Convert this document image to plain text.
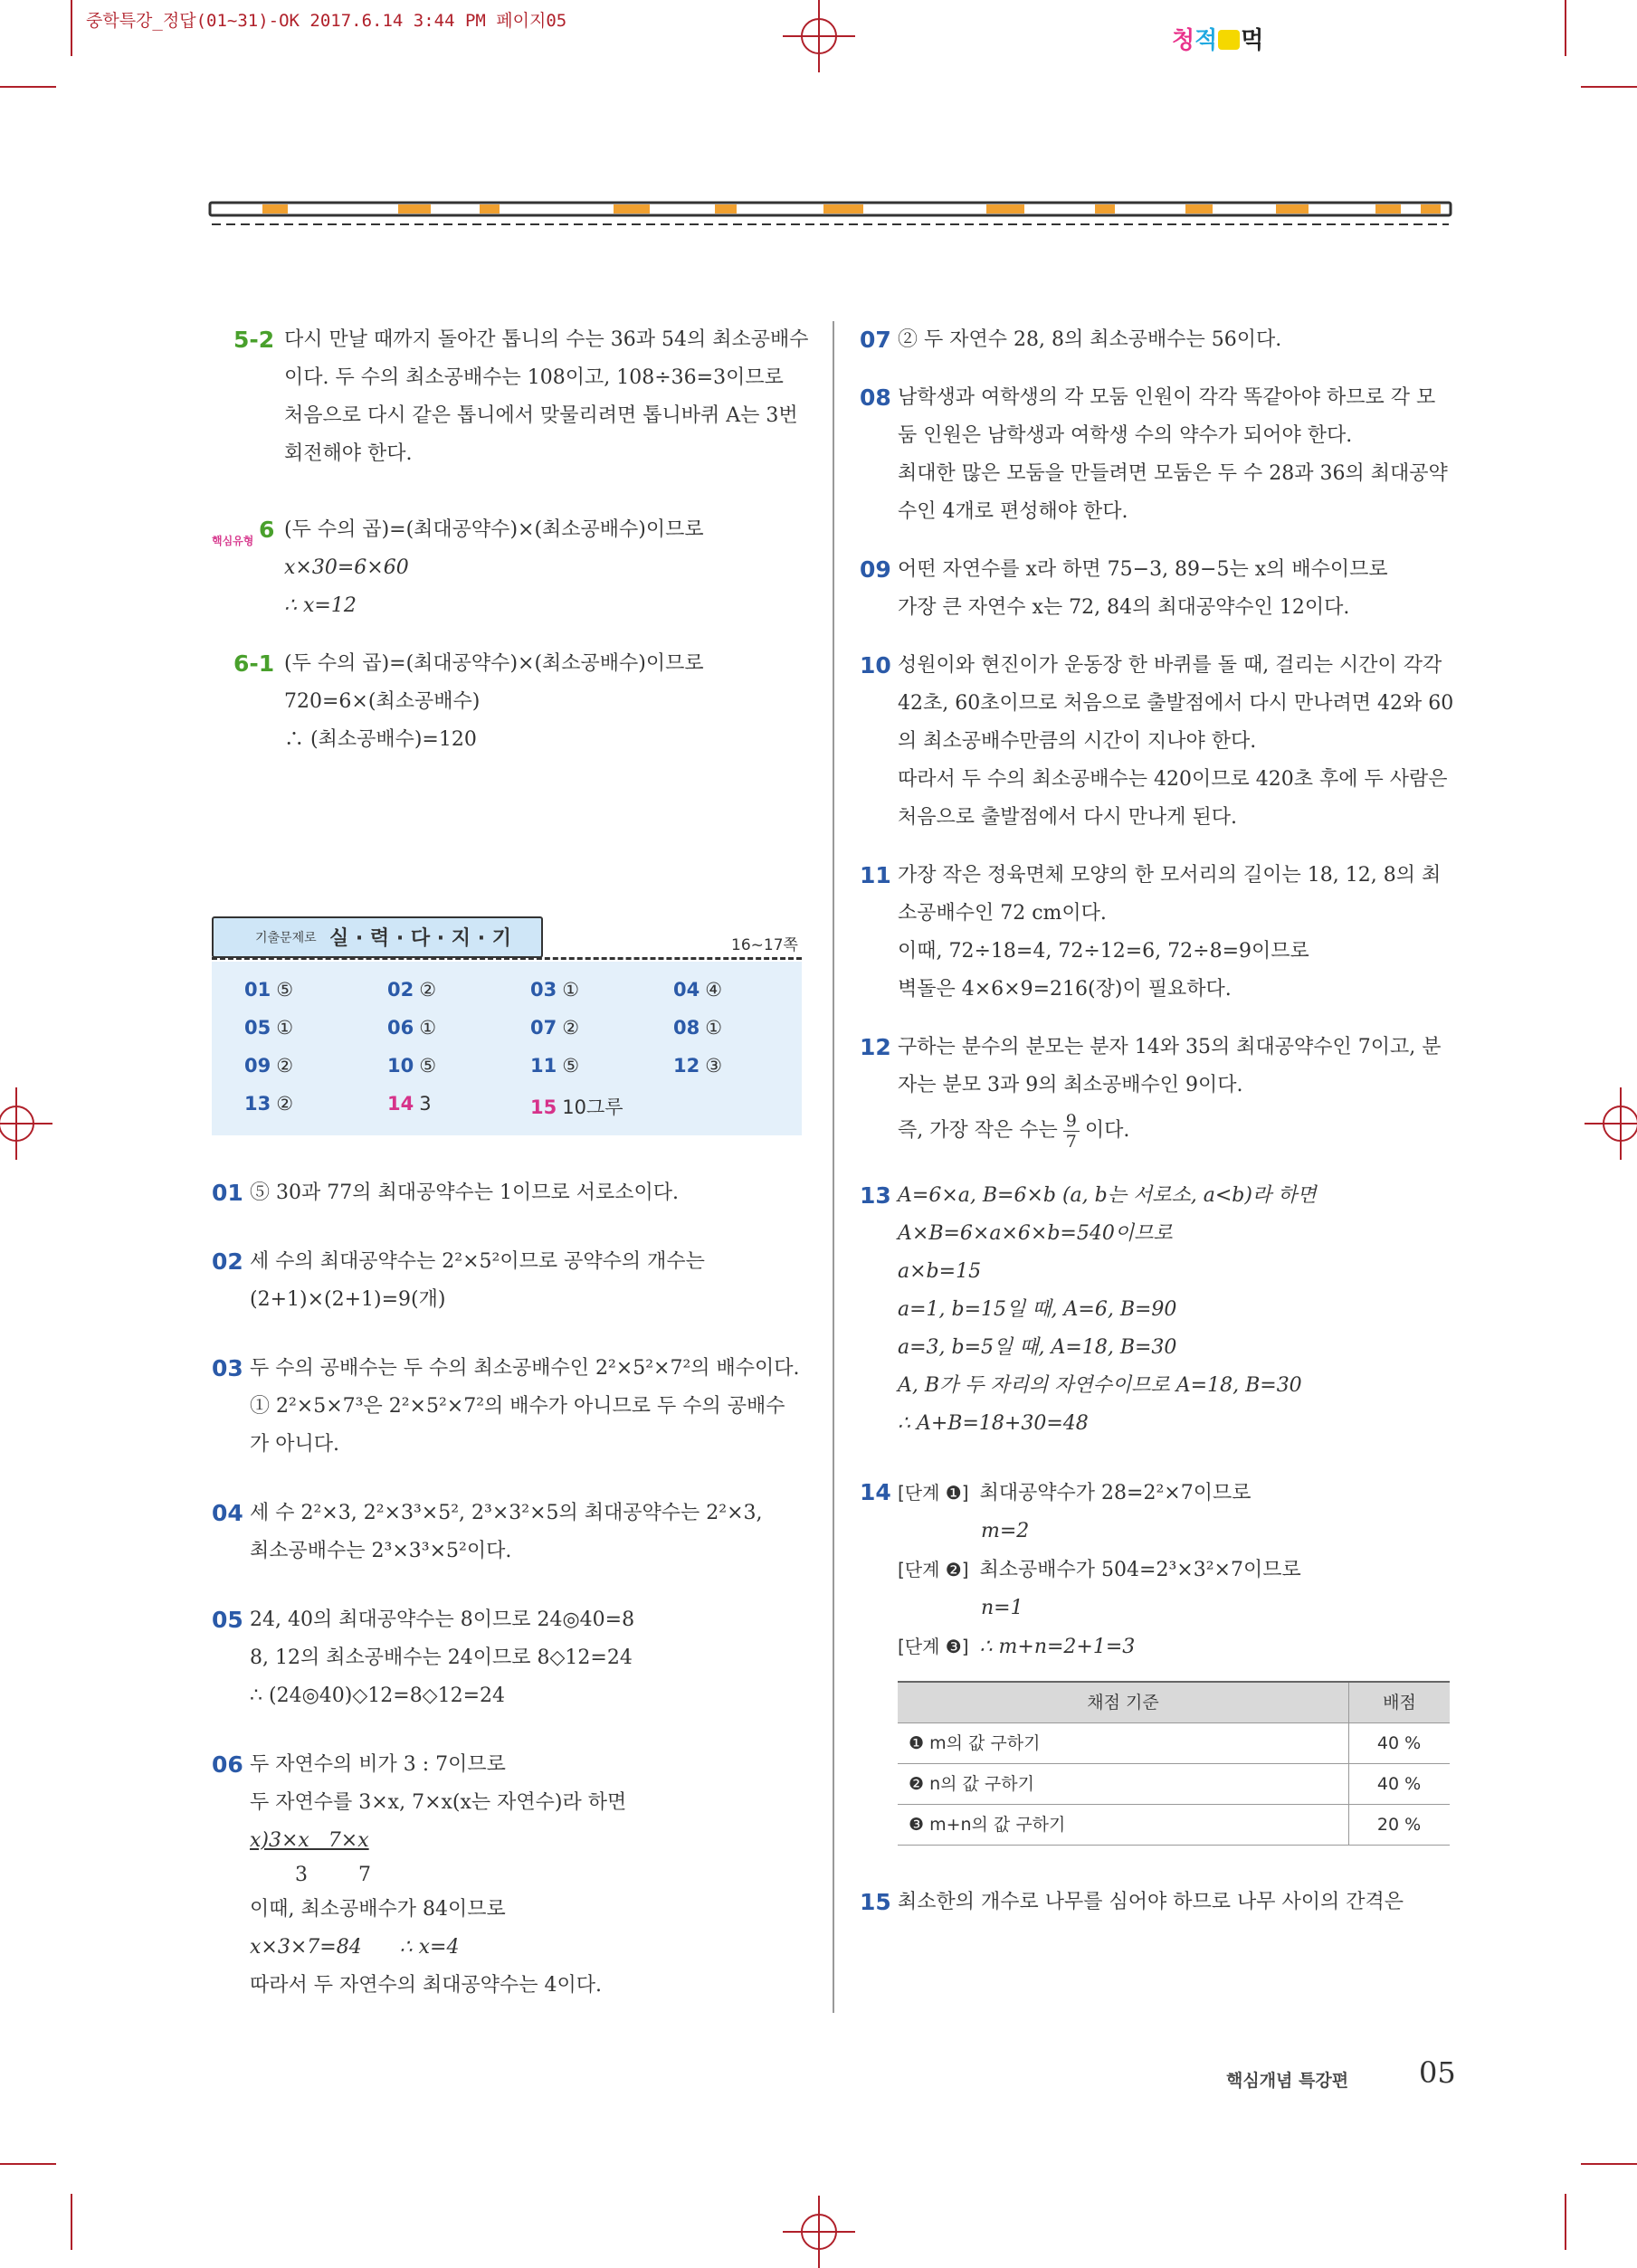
중학특강_정답(01~31)-OK 2017.6.14 3:44 PM 페이지05
청적 먹
5-2 다시 만날 때까지 돌아간 톱니의 수는 36과 54의 최소공배수
이다. 두 수의 최소공배수는 108이고, 108÷36=3이므로
처음으로 다시 같은 톱니에서 맞물리려면 톱니바퀴 A는 3번
회전해야 한다.
핵심유형 6 (두 수의 곱)=(최대공약수)×(최소공배수)이므로
x×30=6×60
∴ x=12
6-1 (두 수의 곱)=(최대공약수)×(최소공배수)이므로
720=6×(최소공배수)
∴ (최소공배수)=120
기출문제로 실 · 력 · 다 · 지 · 기	16~17쪽
01 ⑤	02 ②	03 ①	04 ④
05 ①	06 ①	07 ②	08 ①
09 ②	10 ⑤	11 ⑤	12 ③
13 ②	14 3	15 10그루
01 ⑤ 30과 77의 최대공약수는 1이므로 서로소이다.
02 세 수의 최대공약수는 2²×5²이므로 공약수의 개수는
(2+1)×(2+1)=9(개)
03 두 수의 공배수는 두 수의 최소공배수인 2²×5²×7²의 배수이다.
① 2²×5×7³은 2²×5²×7²의 배수가 아니므로 두 수의 공배수
가 아니다.
04 세 수 2²×3, 2²×3³×5², 2³×3²×5의 최대공약수는 2²×3,
최소공배수는 2³×3³×5²이다.
05 24, 40의 최대공약수는 8이므로 24◎40=8
8, 12의 최소공배수는 24이므로 8◇12=24
∴ (24◎40)◇12=8◇12=24
06 두 자연수의 비가 3 : 7이므로
두 자연수를 3×x, 7×x(x는 자연수)라 하면
x)3×x   7×x
3        7
이때, 최소공배수가 84이므로
x×3×7=84      ∴ x=4
따라서 두 자연수의 최대공약수는 4이다.
07 ② 두 자연수 28, 8의 최소공배수는 56이다.
08 남학생과 여학생의 각 모둠 인원이 각각 똑같아야 하므로 각 모
둠 인원은 남학생과 여학생 수의 약수가 되어야 한다.
최대한 많은 모둠을 만들려면 모둠은 두 수 28과 36의 최대공약
수인 4개로 편성해야 한다.
09 어떤 자연수를 x라 하면 75−3, 89−5는 x의 배수이므로
가장 큰 자연수 x는 72, 84의 최대공약수인 12이다.
10 성원이와 현진이가 운동장 한 바퀴를 돌 때, 걸리는 시간이 각각
42초, 60초이므로 처음으로 출발점에서 다시 만나려면 42와 60
의 최소공배수만큼의 시간이 지나야 한다.
따라서 두 수의 최소공배수는 420이므로 420초 후에 두 사람은
처음으로 출발점에서 다시 만나게 된다.
11 가장 작은 정육면체 모양의 한 모서리의 길이는 18, 12, 8의 최
소공배수인 72 cm이다.
이때, 72÷18=4, 72÷12=6, 72÷8=9이므로
벽돌은 4×6×9=216(장)이 필요하다.
12 구하는 분수의 분모는 분자 14와 35의 최대공약수인 7이고, 분
자는 분모 3과 9의 최소공배수인 9이다.
즉, 가장 작은 수는 $\frac{9}{7}$ 이다.
13 A=6×a, B=6×b (a, b는 서로소, a<b)라 하면
A×B=6×a×6×b=540이므로
a×b=15
a=1, b=15일 때, A=6, B=90
a=3, b=5일 때, A=18, B=30
A, B가 두 자리의 자연수이므로 A=18, B=30
∴ A+B=18+30=48
14 [단계 ❶] 최대공약수가 28=2²×7이므로
m=2
[단계 ❷] 최소공배수가 504=2³×3²×7이므로
n=1
[단계 ❸] ∴ m+n=2+1=3
채점 기준	배점
❶ m의 값 구하기	40 %
❷ n의 값 구하기	40 %
❸ m+n의 값 구하기	20 %
15 최소한의 개수로 나무를 심어야 하므로 나무 사이의 간격은
핵심개념 특강편 05
